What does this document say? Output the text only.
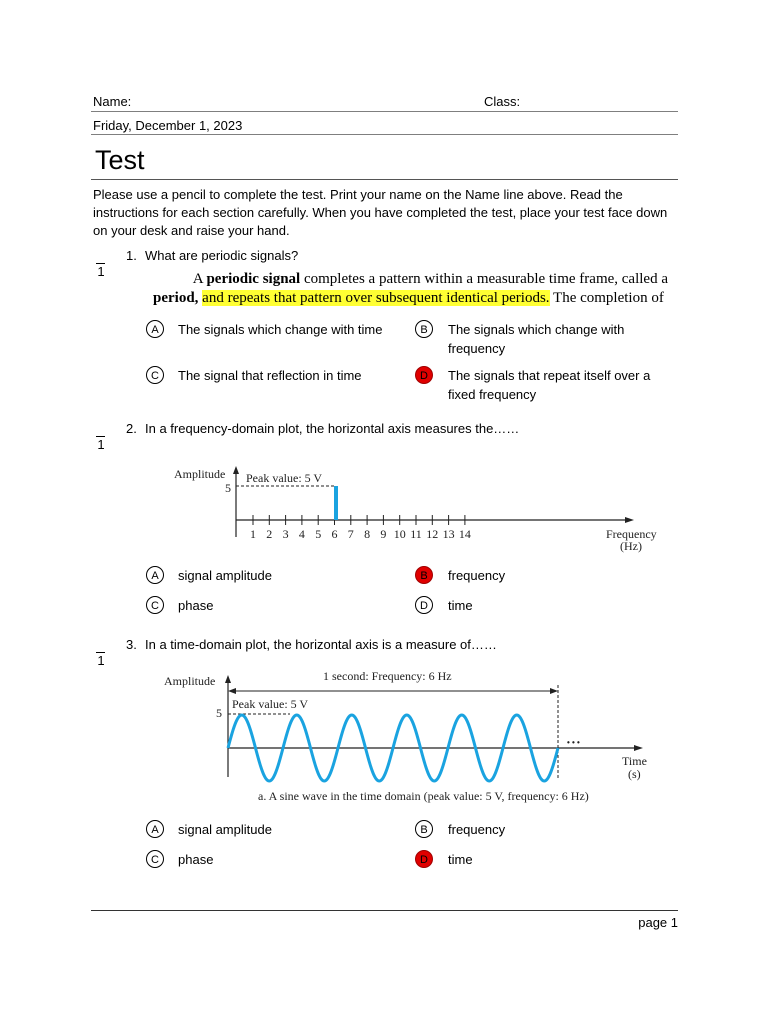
Name:	Class:
Friday, December 1, 2023
Test
Please use a pencil to complete the test. Print your name on the Name line above. Read the instructions for each section carefully. When you have completed the test, place your test face down on your desk and raise your hand.
1
1. What are periodic signals?
A periodic signal completes a pattern within a measurable time frame, called a
period, and repeats that pattern over subsequent identical periods. The completion of
A	The signals which change with time	B	The signals which change with frequency
C	The signal that reflection in time	D	The signals that repeat itself over a fixed frequency
1
2. In a frequency-domain plot, the horizontal axis measures the……
Amplitude Peak value: 5 V
5
Frequency
(Hz)
1 2 3 4 5 6 7 8 9 10 11 12 13 14
A	signal amplitude	B	frequency
C	phase	D	time
1
3. In a time-domain plot, the horizontal axis is a measure of……
Amplitude	1 second: Frequency: 6 Hz
Peak value: 5 V
5
Time
(s)
a. A sine wave in the time domain (peak value: 5 V, frequency: 6 Hz)
• • •
A	signal amplitude	B	frequency
C	phase	D	time
page 1
